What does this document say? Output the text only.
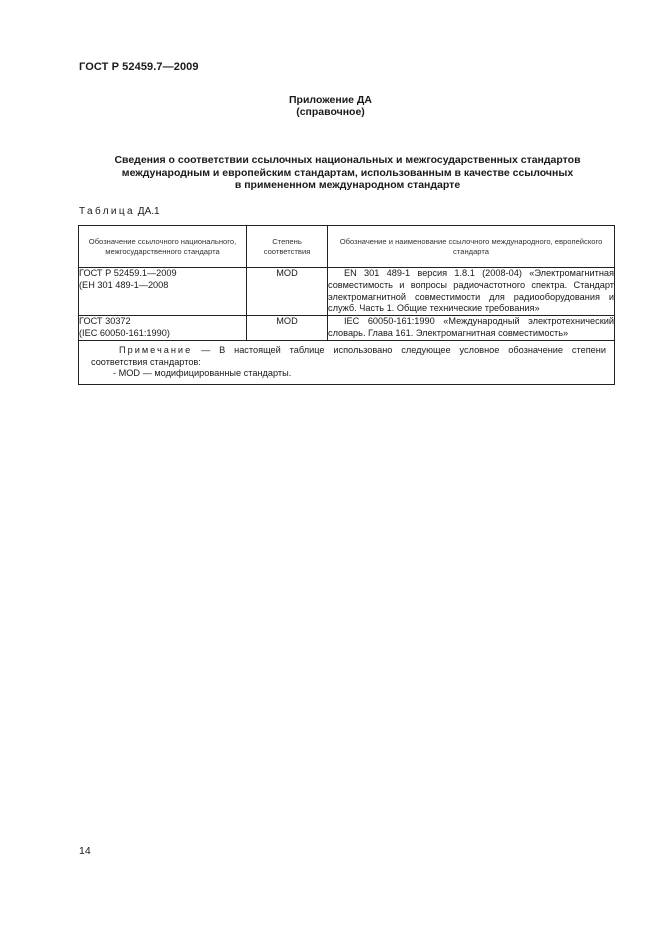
ГОСТ Р 52459.7—2009
Приложение ДА
(справочное)
Сведения о соответствии ссылочных национальных и межгосударственных стандартов
международным и европейским стандартам, использованным в качестве ссылочных
в примененном международном стандарте
Таблица ДА.1
Обозначение ссылочного национального, межгосударственного стандарта	Степень соответствия	Обозначение и наименование ссылочного международного, европейского стандарта

ГОСТ Р 52459.1—2009
(ЕН 301 489-1—2008	MOD	EN 301 489-1 версия 1.8.1 (2008-04) «Электромагнитная совместимость и вопросы радиочастотного спектра. Стандарт электромагнитной совместимости для радиооборудования и служб. Часть 1. Общие технические требования»

ГОСТ 30372
(IEC 60050-161:1990)	MOD	IEC 60050-161:1990 «Международный электротехнический словарь. Глава 161. Электромагнитная совместимость»

Примечание — В настоящей таблице использовано следующее условное обозначение степени соответствия стандартов:
- MOD — модифицированные стандарты.		
14
